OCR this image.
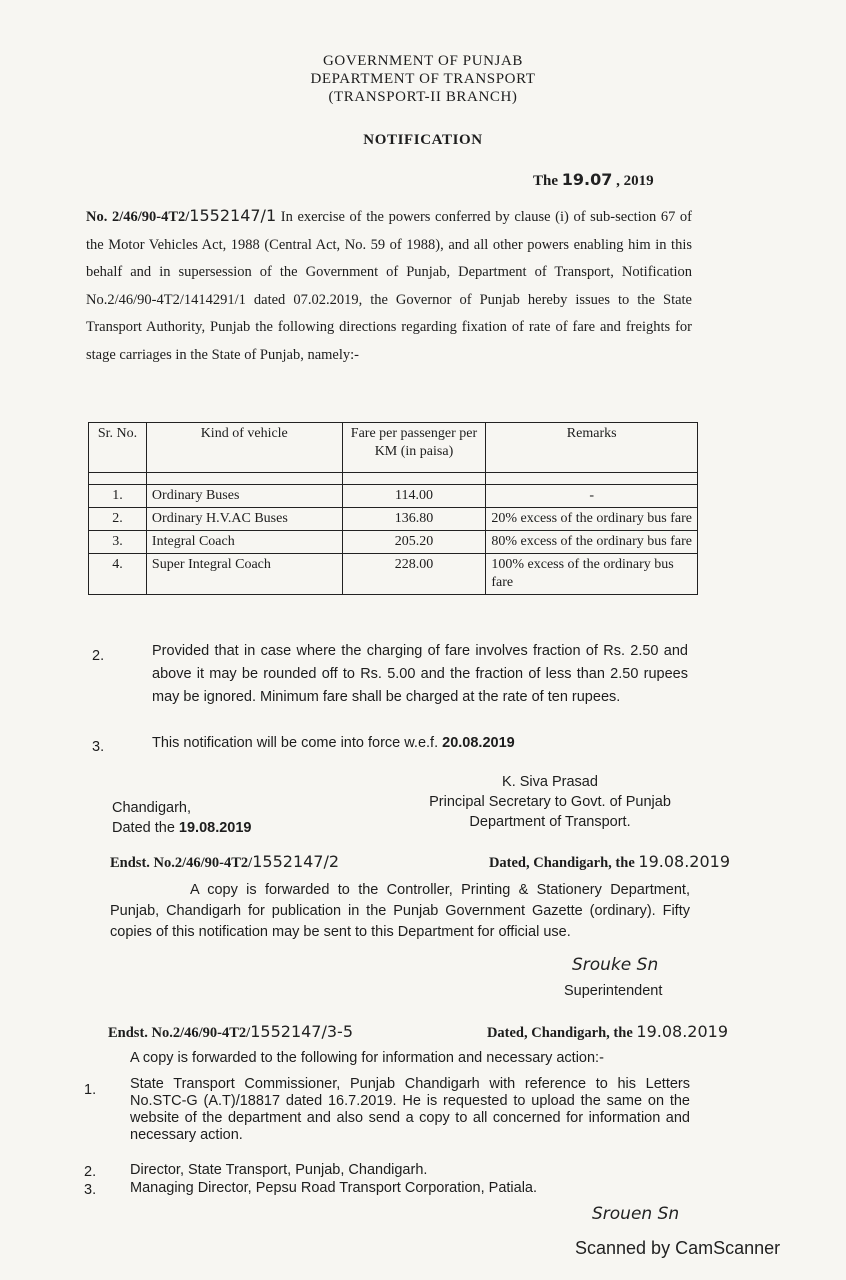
GOVERNMENT OF PUNJAB
DEPARTMENT OF TRANSPORT
(TRANSPORT-II BRANCH)
NOTIFICATION
The 19.07 , 2019
No. 2/46/90-4T2/1552147/1 In exercise of the powers conferred by clause (i) of sub-section 67 of the Motor Vehicles Act, 1988 (Central Act, No. 59 of 1988), and all other powers enabling him in this behalf and in supersession of the Government of Punjab, Department of Transport, Notification No.2/46/90-4T2/1414291/1 dated 07.02.2019, the Governor of Punjab hereby issues to the State Transport Authority, Punjab the following directions regarding fixation of rate of fare and freights for stage carriages in the State of Punjab, namely:-
Sr. No.	Kind of vehicle	Fare per passenger per KM (in paisa)	Remarks

1.	Ordinary Buses	114.00	-
2.	Ordinary H.V.AC Buses	136.80	20% excess of the ordinary bus fare
3.	Integral Coach	205.20	80% excess of the ordinary bus fare
4.	Super Integral Coach	228.00	100% excess of the ordinary bus fare
2.	Provided that in case where the charging of fare involves fraction of Rs. 2.50 and above it may be rounded off to Rs. 5.00 and the fraction of less than 2.50 rupees may be ignored. Minimum fare shall be charged at the rate of ten rupees.
3.	This notification will be come into force w.e.f. 20.08.2019
K. Siva Prasad
Principal Secretary to Govt. of Punjab
Department of Transport.
Chandigarh,
Dated the 19.08.2019
Endst. No.2/46/90-4T2/1552147/2	Dated, Chandigarh, the 19.08.2019
A copy is forwarded to the Controller, Printing & Stationery Department, Punjab, Chandigarh for publication in the Punjab Government Gazette (ordinary). Fifty copies of this notification may be sent to this Department for official use.
Srouke Sn
Superintendent
Endst. No.2/46/90-4T2/1552147/3-5	Dated, Chandigarh, the 19.08.2019
A copy is forwarded to the following for information and necessary action:-
1. State Transport Commissioner, Punjab Chandigarh with reference to his Letters No.STC-G (A.T)/18817 dated 16.7.2019. He is requested to upload the same on the website of the department and also send a copy to all concerned for information and necessary action.
2. Director, State Transport, Punjab, Chandigarh.
3. Managing Director, Pepsu Road Transport Corporation, Patiala.
Srouen Sn
Scanned by CamScanner
